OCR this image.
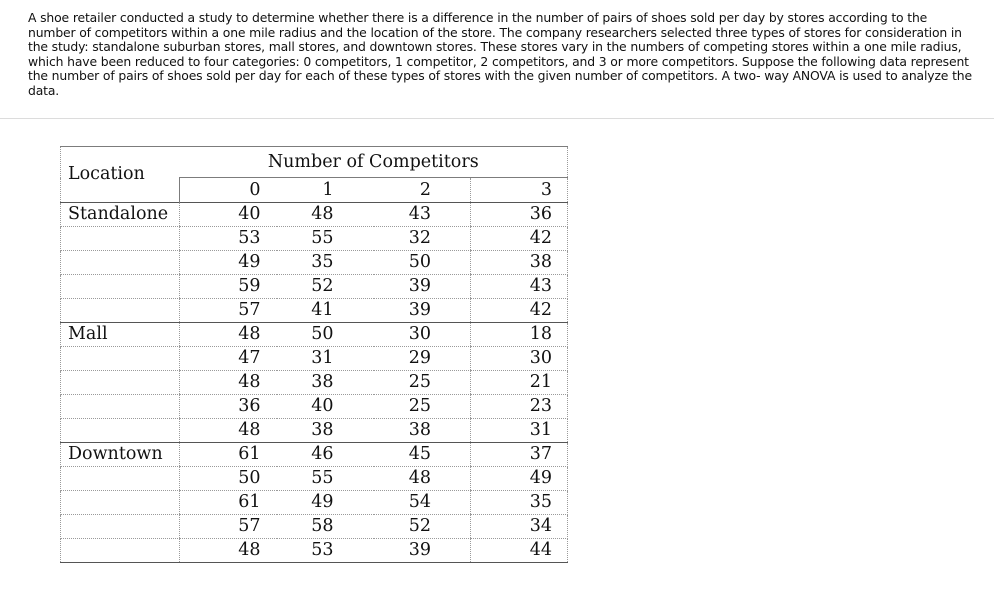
A shoe retailer conducted a study to determine whether there is a difference in the number of pairs of shoes sold per day by stores according to the number of competitors within a one mile radius and the location of the store. The company researchers selected three types of stores for consideration in the study: standalone suburban stores, mall stores, and downtown stores. These stores vary in the numbers of competing stores within a one mile radius, which have been reduced to four categories: 0 competitors, 1 competitor, 2 competitors, and 3 or more competitors. Suppose the following data represent the number of pairs of shoes sold per day for each of these types of stores with the given number of competitors. A two- way ANOVA is used to analyze the data.

Location	Number of Competitors			
	0	1	2	3
Standalone	40	48	43	36
	53	55	32	42
	49	35	50	38
	59	52	39	43
	57	41	39	42
Mall	48	50	30	18
	47	31	29	30
	48	38	25	21
	36	40	25	23
	48	38	38	31
Downtown	61	46	45	37
	50	55	48	49
	61	49	54	35
	57	58	52	34
	48	53	39	44
